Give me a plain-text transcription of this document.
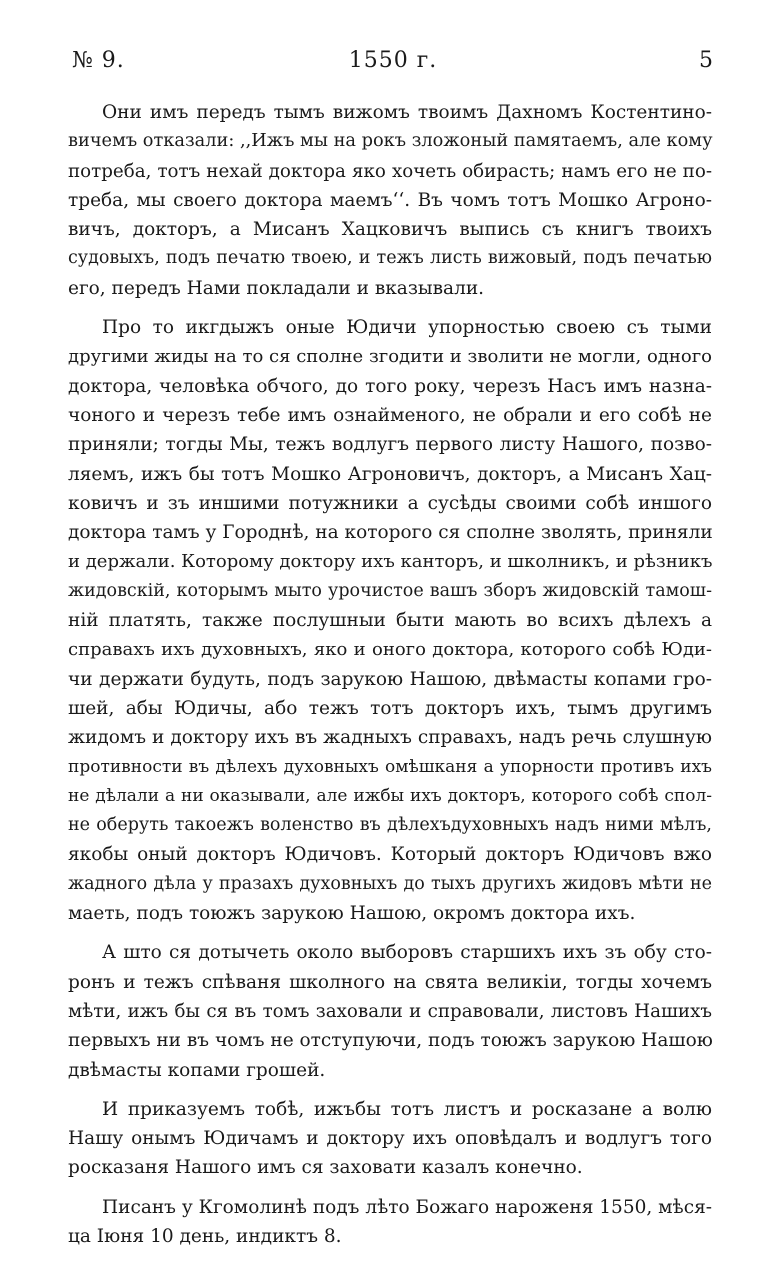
№ 9.	1550 г.	5
Они имъ передъ тымъ вижомъ твоимъ Дахномъ Костентино-
вичемъ отказали: ,,Ижъ мы на рокъ зложоный памятаемъ, але кому
потреба, тотъ нехай доктора яко хочеть обирасть; намъ его не по-
треба, мы своего доктора маемъ‘‘. Въ чомъ тотъ Мошко Агроно-
вичъ, докторъ, а Мисанъ Хацковичъ выпись съ книгъ твоихъ
судовыхъ, подъ печатю твоею, и тежъ листь вижовый, подъ печатью
его, передъ Нами покладали и вказывали.
Про то икгдыжъ оные Юдичи упорностью своею съ тыми
другими жиды на то ся сполне згодити и зволити не могли, одного
доктора, человѣка обчого, до того року, черезъ Насъ имъ назна-
чоного и черезъ тебе имъ ознайменого, не обрали и его собѣ не
приняли; тогды Мы, тежъ водлугъ первого листу Нашого, позво-
ляемъ, ижъ бы тотъ Мошко Агроновичъ, докторъ, а Мисанъ Хац-
ковичъ и зъ иншими потужники а сусѣды своими собѣ иншого
доктора тамъ у Городнѣ, на которого ся сполне зволять, приняли
и держали. Которому доктору ихъ канторъ, и школникъ, и рѣзникъ
жидовскій, которымъ мыто урочистое вашъ зборъ жидовскій тамош-
ній платять, также послушныи быти мають во всихъ дѣлехъ а
справахъ ихъ духовныхъ, яко и оного доктора, которого собѣ Юди-
чи держати будуть, подъ зарукою Нашою, двѣмасты копами гро-
шей, абы Юдичы, або тежъ тотъ докторъ ихъ, тымъ другимъ
жидомъ и доктору ихъ въ жадныхъ справахъ, надъ речь слушную
противности въ дѣлехъ духовныхъ омѣшканя а упорности противъ ихъ
не дѣлали а ни оказывали, але ижбы ихъ докторъ, которого собѣ спол-
не оберуть такоежъ воленство въ дѣлехъдуховныхъ надъ ними мѣлъ,
якобы оный докторъ Юдичовъ. Который докторъ Юдичовъ вжо
жадного дѣла у празахъ духовныхъ до тыхъ другихъ жидовъ мѣти не
маеть, подъ тоюжъ зарукою Нашою, окромъ доктора ихъ.
А што ся дотычеть около выборовъ старшихъ ихъ зъ обу сто-
ронъ и тежъ спѣваня школного на свята великіи, тогды хочемъ
мѣти, ижъ бы ся въ томъ заховали и справовали, листовъ Нашихъ
первыхъ ни въ чомъ не отступуючи, подъ тоюжъ зарукою Нашою
двѣмасты копами грошей.
И приказуемъ тобѣ, ижъбы тотъ листъ и росказане а волю
Нашу онымъ Юдичамъ и доктору ихъ оповѣдалъ и водлугъ того
росказаня Нашого имъ ся заховати казалъ конечно.
Писанъ у Кгомолинѣ подъ лѣто Божаго нароженя 1550, мѣся-
ца Іюня 10 день, индиктъ 8.
